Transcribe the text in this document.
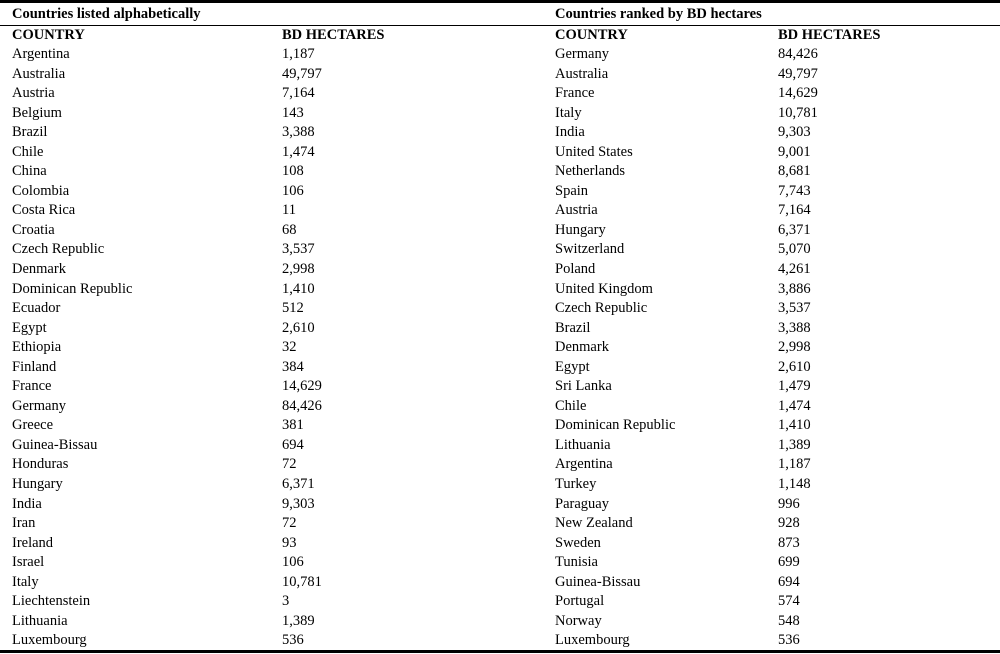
Countries listed alphabetically	Countries ranked by BD hectares
COUNTRY	BD HECTARES	COUNTRY	BD HECTARES
Argentina	1,187	Germany	84,426
Australia	49,797	Australia	49,797
Austria	7,164	France	14,629
Belgium	143	Italy	10,781
Brazil	3,388	India	9,303
Chile	1,474	United States	9,001
China	108	Netherlands	8,681
Colombia	106	Spain	7,743
Costa Rica	11	Austria	7,164
Croatia	68	Hungary	6,371
Czech Republic	3,537	Switzerland	5,070
Denmark	2,998	Poland	4,261
Dominican Republic	1,410	United Kingdom	3,886
Ecuador	512	Czech Republic	3,537
Egypt	2,610	Brazil	3,388
Ethiopia	32	Denmark	2,998
Finland	384	Egypt	2,610
France	14,629	Sri Lanka	1,479
Germany	84,426	Chile	1,474
Greece	381	Dominican Republic	1,410
Guinea-Bissau	694	Lithuania	1,389
Honduras	72	Argentina	1,187
Hungary	6,371	Turkey	1,148
India	9,303	Paraguay	996
Iran	72	New Zealand	928
Ireland	93	Sweden	873
Israel	106	Tunisia	699
Italy	10,781	Guinea-Bissau	694
Liechtenstein	3	Portugal	574
Lithuania	1,389	Norway	548
Luxembourg	536	Luxembourg	536
